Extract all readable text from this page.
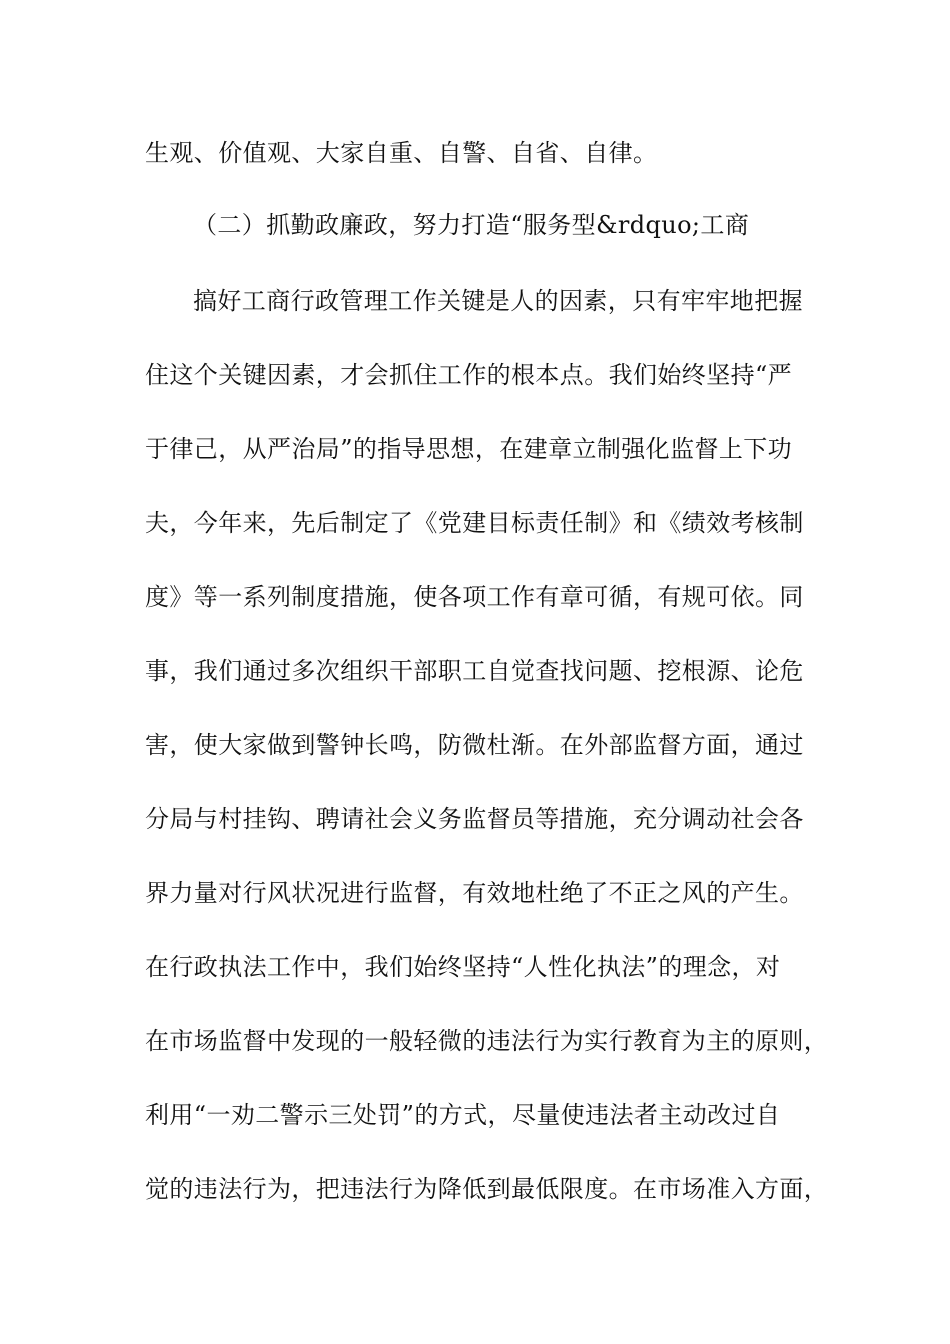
生观、价值观、大家自重、自警、自省、自律。
（二）抓勤政廉政，努力打造“服务型&rdquo;工商
搞好工商行政管理工作关键是人的因素，只有牢牢地把握
住这个关键因素，才会抓住工作的根本点。我们始终坚持“严
于律己，从严治局”的指导思想，在建章立制强化监督上下功
夫，今年来，先后制定了《党建目标责任制》和《绩效考核制
度》等一系列制度措施，使各项工作有章可循，有规可依。同
事，我们通过多次组织干部职工自觉查找问题、挖根源、论危
害，使大家做到警钟长鸣，防微杜渐。在外部监督方面，通过
分局与村挂钩、聘请社会义务监督员等措施，充分调动社会各
界力量对行风状况进行监督，有效地杜绝了不正之风的产生。
在行政执法工作中，我们始终坚持“人性化执法”的理念，对
在市场监督中发现的一般轻微的违法行为实行教育为主的原则，
利用“一劝二警示三处罚”的方式，尽量使违法者主动改过自
觉的违法行为，把违法行为降低到最低限度。在市场准入方面，
